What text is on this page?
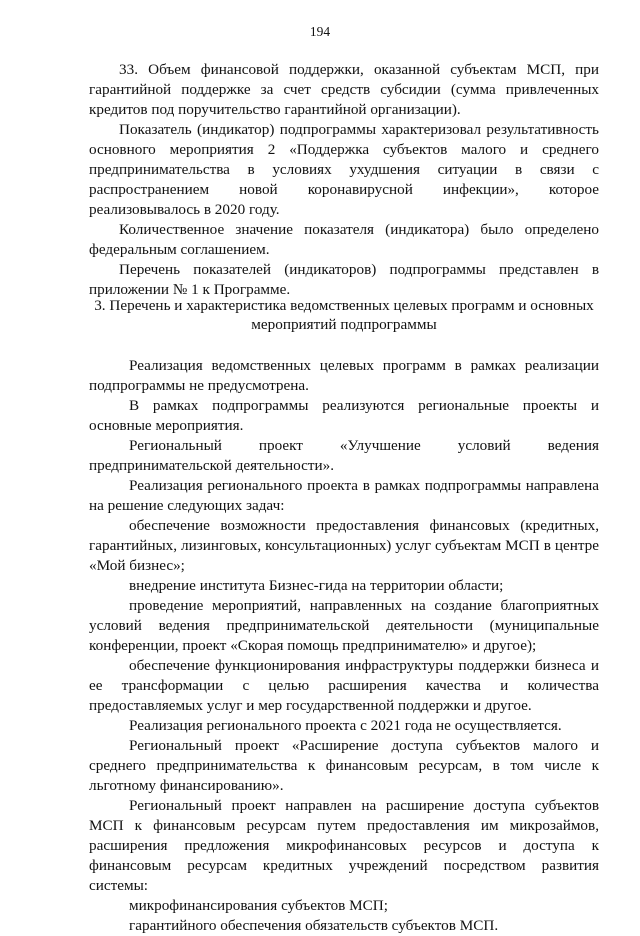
194

33. Объем финансовой поддержки, оказанной субъектам МСП, при гарантийной поддержке за счет средств субсидии (сумма привлеченных кредитов под поручительство гарантийной организации).

Показатель (индикатор) подпрограммы характеризовал результативность основного мероприятия 2 «Поддержка субъектов малого и среднего предпринимательства в условиях ухудшения ситуации в связи с распространением новой коронавирусной инфекции», которое реализовывалось в 2020 году.

Количественное значение показателя (индикатора) было определено федеральным соглашением.

Перечень показателей (индикаторов) подпрограммы представлен в приложении № 1 к Программе.

3. Перечень и характеристика ведомственных целевых программ и основных мероприятий подпрограммы

Реализация ведомственных целевых программ в рамках реализации подпрограммы не предусмотрена.

В рамках подпрограммы реализуются региональные проекты и основные мероприятия.

Региональный проект «Улучшение условий ведения предпринимательской деятельности».

Реализация регионального проекта в рамках подпрограммы направлена на решение следующих задач:

обеспечение возможности предоставления финансовых (кредитных, гарантийных, лизинговых, консультационных) услуг субъектам МСП в центре «Мой бизнес»;

внедрение института Бизнес-гида на территории области;

проведение мероприятий, направленных на создание благоприятных условий ведения предпринимательской деятельности (муниципальные конференции, проект «Скорая помощь предпринимателю» и другое);

обеспечение функционирования инфраструктуры поддержки бизнеса и ее трансформации с целью расширения качества и количества предоставляемых услуг и мер государственной поддержки и другое.

Реализация регионального проекта с 2021 года не осуществляется.

Региональный проект «Расширение доступа субъектов малого и среднего предпринимательства к финансовым ресурсам, в том числе к льготному финансированию».

Региональный проект направлен на расширение доступа субъектов МСП к финансовым ресурсам путем предоставления им микрозаймов, расширения предложения микрофинансовых ресурсов и доступа к финансовым ресурсам кредитных учреждений посредством развития системы:

микрофинансирования субъектов МСП;

гарантийного обеспечения обязательств субъектов МСП.
